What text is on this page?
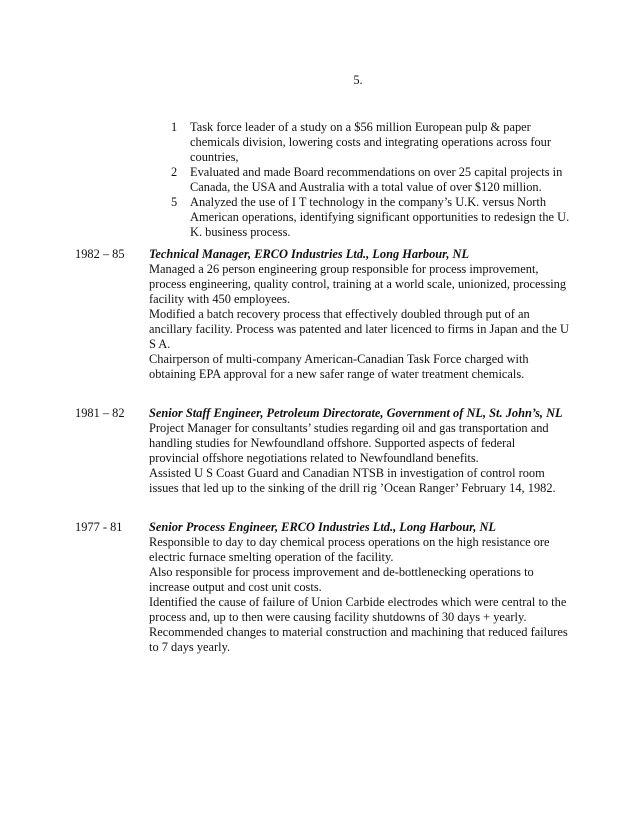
5.
1 Task force leader of a study on a $56 million European pulp & paper chemicals division, lowering costs and integrating operations across four countries,
2 Evaluated and made Board recommendations on over 25 capital projects in Canada, the USA and Australia with a total value of over $120 million.
5 Analyzed the use of I T technology in the company’s U.K. versus North American operations, identifying significant opportunities to redesign the U. K. business process.
1982 – 85	Technical Manager, ERCO Industries Ltd., Long Harbour, NL
Managed a 26 person engineering group responsible for process improvement, process engineering, quality control, training at a world scale, unionized, processing facility with 450 employees.
Modified a batch recovery process that effectively doubled through put of an ancillary facility. Process was patented and later licenced to firms in Japan and the U S A.
Chairperson of multi-company American-Canadian Task Force charged with obtaining EPA approval for a new safer range of water treatment chemicals.
1981 – 82	Senior Staff Engineer, Petroleum Directorate, Government of NL, St. John’s, NL
Project Manager for consultants’ studies regarding oil and gas transportation and handling studies for Newfoundland offshore. Supported aspects of federal provincial offshore negotiations related to Newfoundland benefits.
Assisted U S Coast Guard and Canadian NTSB in investigation of control room issues that led up to the sinking of the drill rig ’Ocean Ranger’ February 14, 1982.
1977 - 81	Senior Process Engineer, ERCO Industries Ltd., Long Harbour, NL
Responsible to day to day chemical process operations on the high resistance ore electric furnace smelting operation of the facility.
Also responsible for process improvement and de-bottlenecking operations to increase output and cost unit costs.
Identified the cause of failure of Union Carbide electrodes which were central to the process and, up to then were causing facility shutdowns of 30 days + yearly.
Recommended changes to material construction and machining that reduced failures to 7 days yearly.
